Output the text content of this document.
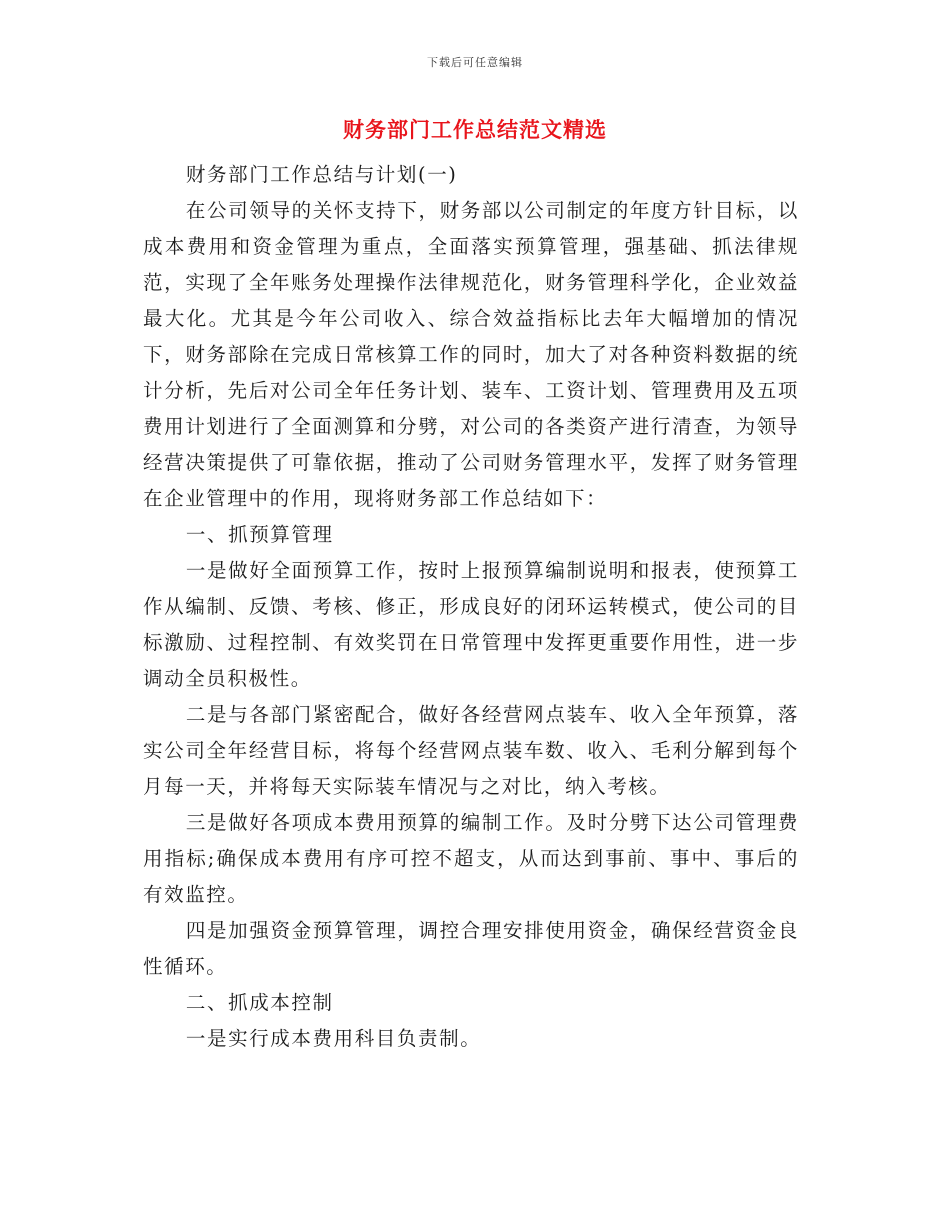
下载后可任意编辑
财务部门工作总结范文精选

财务部门工作总结与计划(一)

在公司领导的关怀支持下，财务部以公司制定的年度方针目标，以成本费用和资金管理为重点，全面落实预算管理，强基础、抓法律规范，实现了全年账务处理操作法律规范化，财务管理科学化，企业效益最大化。尤其是今年公司收入、综合效益指标比去年大幅增加的情况下，财务部除在完成日常核算工作的同时，加大了对各种资料数据的统计分析，先后对公司全年任务计划、装车、工资计划、管理费用及五项费用计划进行了全面测算和分劈，对公司的各类资产进行清查，为领导经营决策提供了可靠依据，推动了公司财务管理水平，发挥了财务管理在企业管理中的作用，现将财务部工作总结如下：

一、抓预算管理

一是做好全面预算工作，按时上报预算编制说明和报表，使预算工作从编制、反馈、考核、修正，形成良好的闭环运转模式，使公司的目标激励、过程控制、有效奖罚在日常管理中发挥更重要作用性，进一步调动全员积极性。

二是与各部门紧密配合，做好各经营网点装车、收入全年预算，落实公司全年经营目标，将每个经营网点装车数、收入、毛利分解到每个月每一天，并将每天实际装车情况与之对比，纳入考核。

三是做好各项成本费用预算的编制工作。及时分劈下达公司管理费用指标;确保成本费用有序可控不超支，从而达到事前、事中、事后的有效监控。

四是加强资金预算管理，调控合理安排使用资金，确保经营资金良性循环。

二、抓成本控制

一是实行成本费用科目负责制。
